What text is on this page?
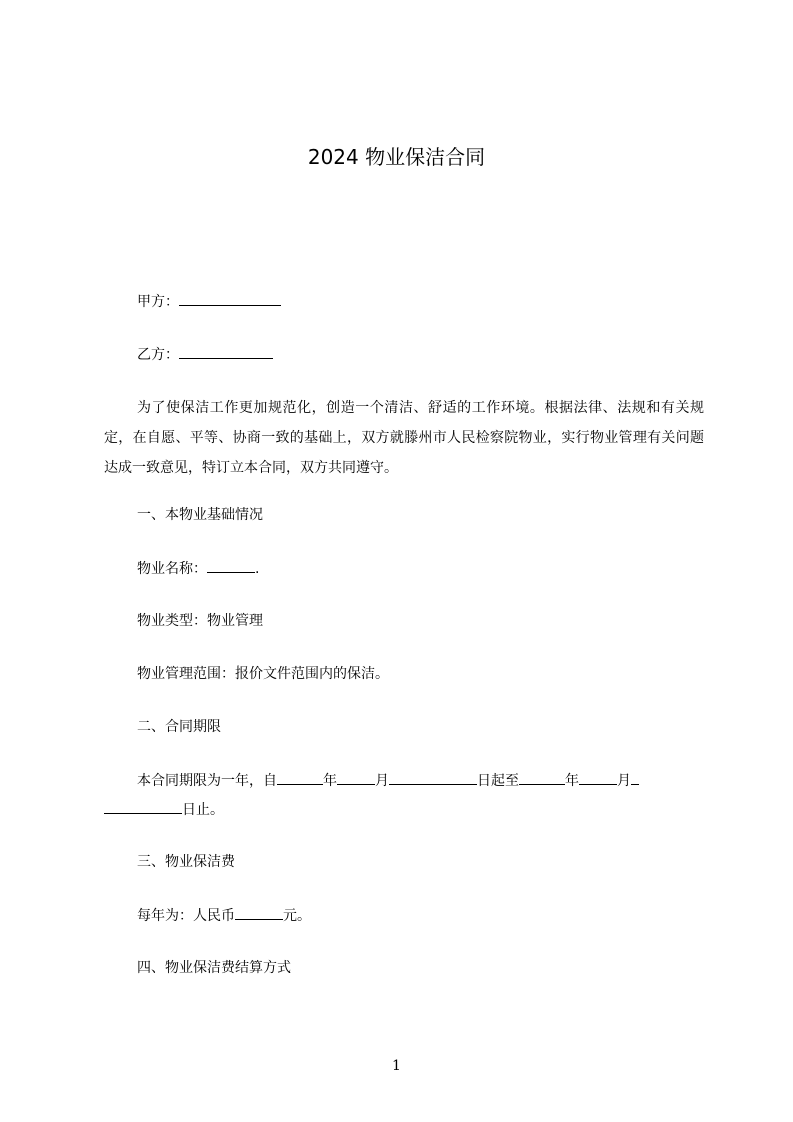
2024 物业保洁合同

甲方：

乙方：

为了使保洁工作更加规范化，创造一个清洁、舒适的工作环境。根据法律、法规和有关规定，在自愿、平等、协商一致的基础上，双方就滕州市人民检察院物业，实行物业管理有关问题达成一致意见，特订立本合同，双方共同遵守。

一、本物业基础情况

物业名称：	.

物业类型：物业管理

物业管理范围：报价文件范围内的保洁。

二、合同期限

本合同期限为一年，自	年	月	日起至	年	月

日止。

三、物业保洁费

每年为：人民币	元。

四、物业保洁费结算方式

1
